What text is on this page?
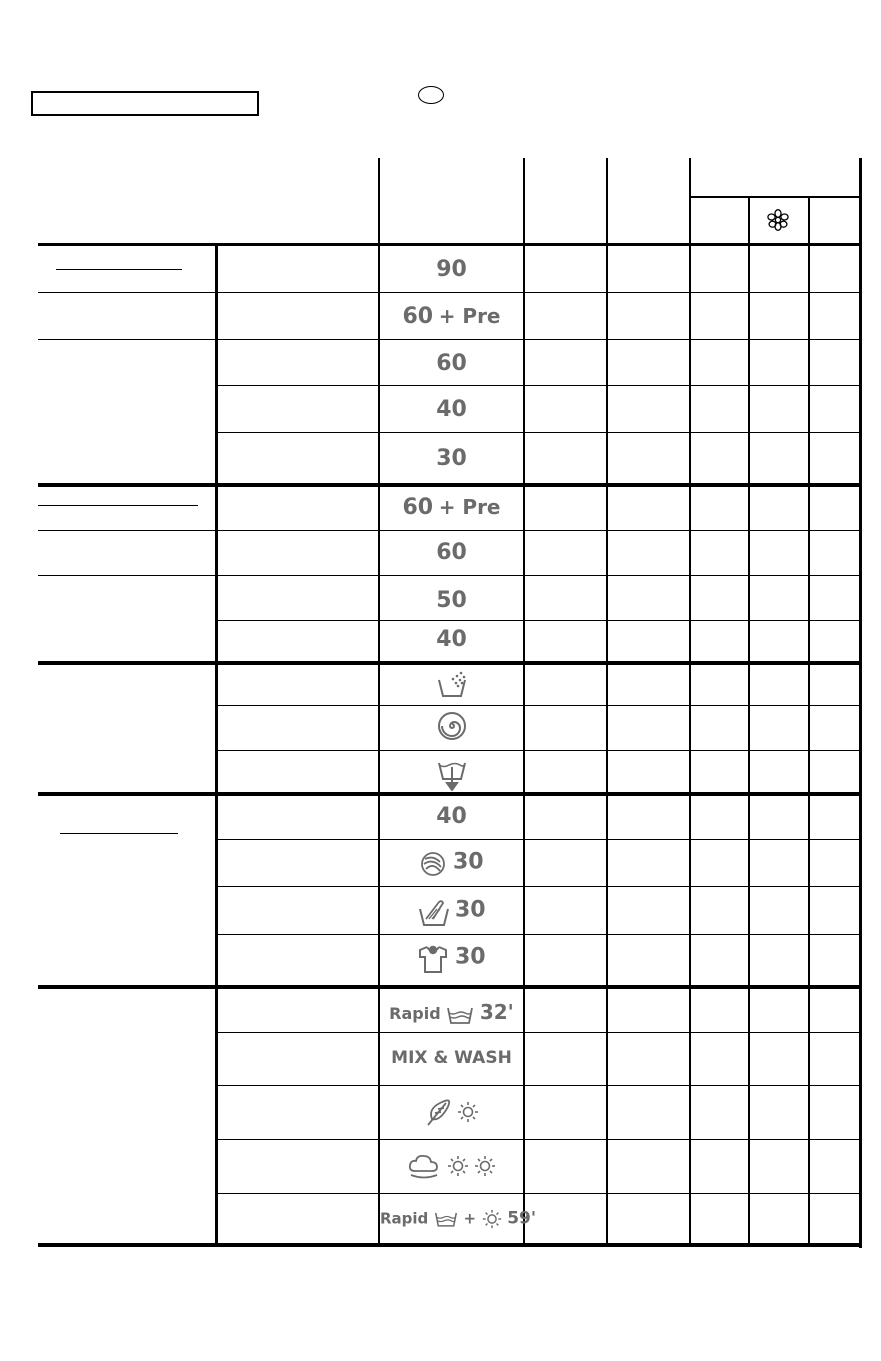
90
60 + Pre
60
40
30
60 + Pre
60
50
40
40
30
30
30
Rapid 32'
MIX & WASH

Rapid + 59'
